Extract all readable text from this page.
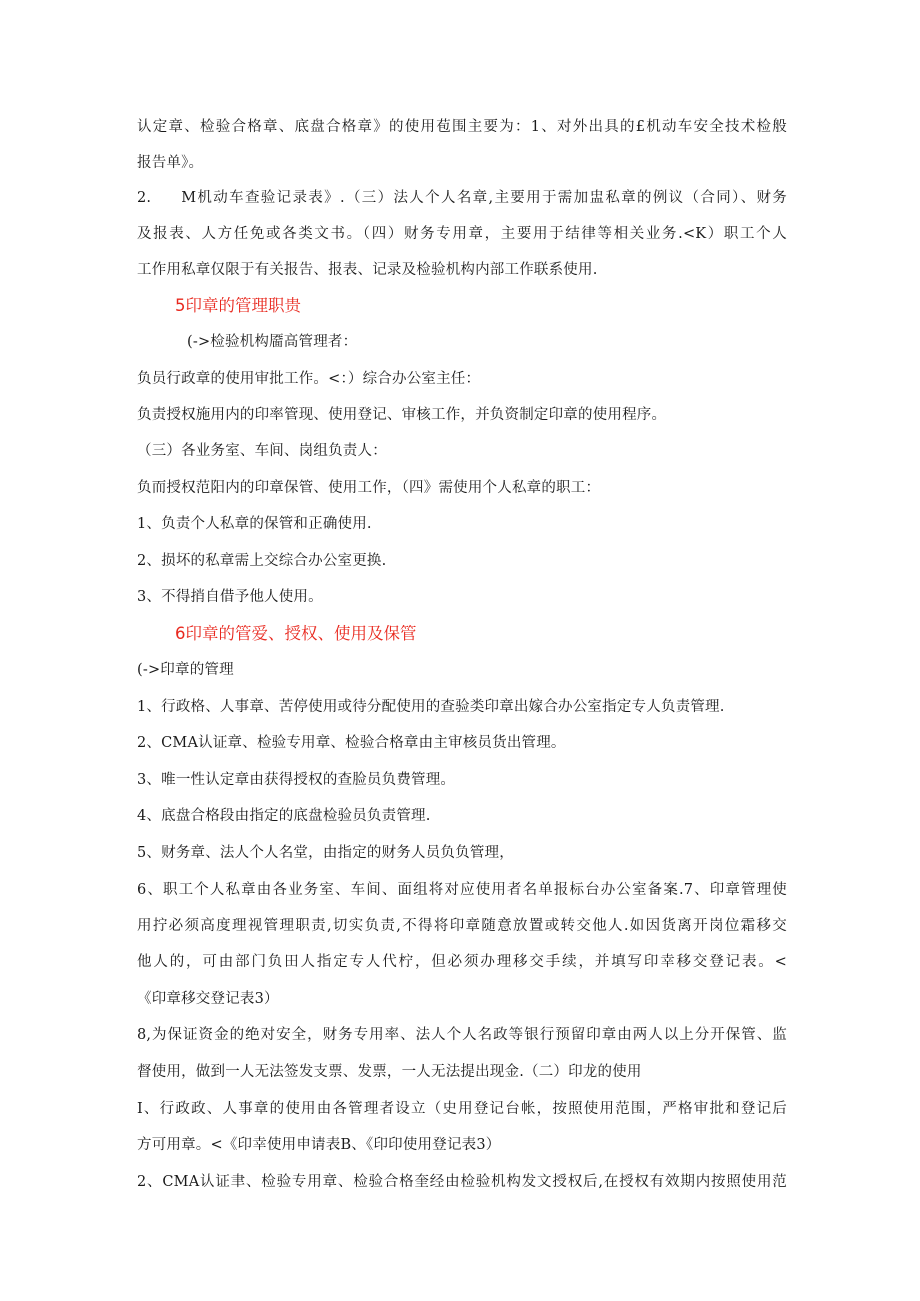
认定章、检验合格章、底盘合格章》的使用苞围主要为：1、对外出具的£机动车安全技术检般
报告单》。
2. M机动车查验记录表》.（三）法人个人名章,主要用于需加盅私章的例议（合同）、财务
及报表、人方任免或各类文书。（四）财务专用章，主要用于结律等相关业务.<K）职工个人
工作用私章仅限于有关报告、报表、记录及检验机构内部工作联系使用.
5印章的管理职贵
(->检验机构靥高管理者：
负员行政章的使用审批工作。<：）综合办公室主任：
负责授权施用内的印率管现、使用登记、审核工作，并负资制定印章的使用程序。
（三）各业务室、车间、岗组负责人：
负而授权范阳内的印章保管、使用工作，（四》需使用个人私章的职工：
1、负责个人私章的保管和正确使用.
2、损坏的私章需上交综合办公室更换.
3、不得捎自借予他人使用。
6印章的管爱、授权、使用及保管
(->印章的管理
1、行政格、人事章、苦停使用或待分配使用的查验类印章出嫁合办公室指定专人负责管理.
2、CMA认证章、检验专用章、检验合格章由主审核员货出管理。
3、唯一性认定章由获得授权的查脸员负费管理。
4、底盘合格段由指定的底盘检验员负责管理.
5、财务章、法人个人名堂，由指定的财务人员负负管理，
6、职工个人私章由各业务室、车间、面组将对应使用者名单报标台办公室备案.7、印章管理使
用拧必须高度理视管理职责,切实负责,不得将印章随意放置或转交他人.如因货离开岗位霜移交
他人的，可由部门负田人指定专人代柠，但必须办理移交手续，并填写印幸移交登记表。<
《印章移交登记表3）
8,为保证资金的绝对安全，财务专用率、法人个人名政等银行预留印章由两人以上分开保管、监
督使用，做到一人无法签发支票、发票，一人无法提出现金.（二）印龙的使用
I、行政政、人事章的使用由各管理者设立（史用登记台帐，按照使用范围，严格审批和登记后
方可用章。<《印幸使用申请表B、《印印使用登记表3）
2、CMA认证聿、检验专用章、检验合格奎经由检验机构发文授权后,在授权有效期内按照使用范
